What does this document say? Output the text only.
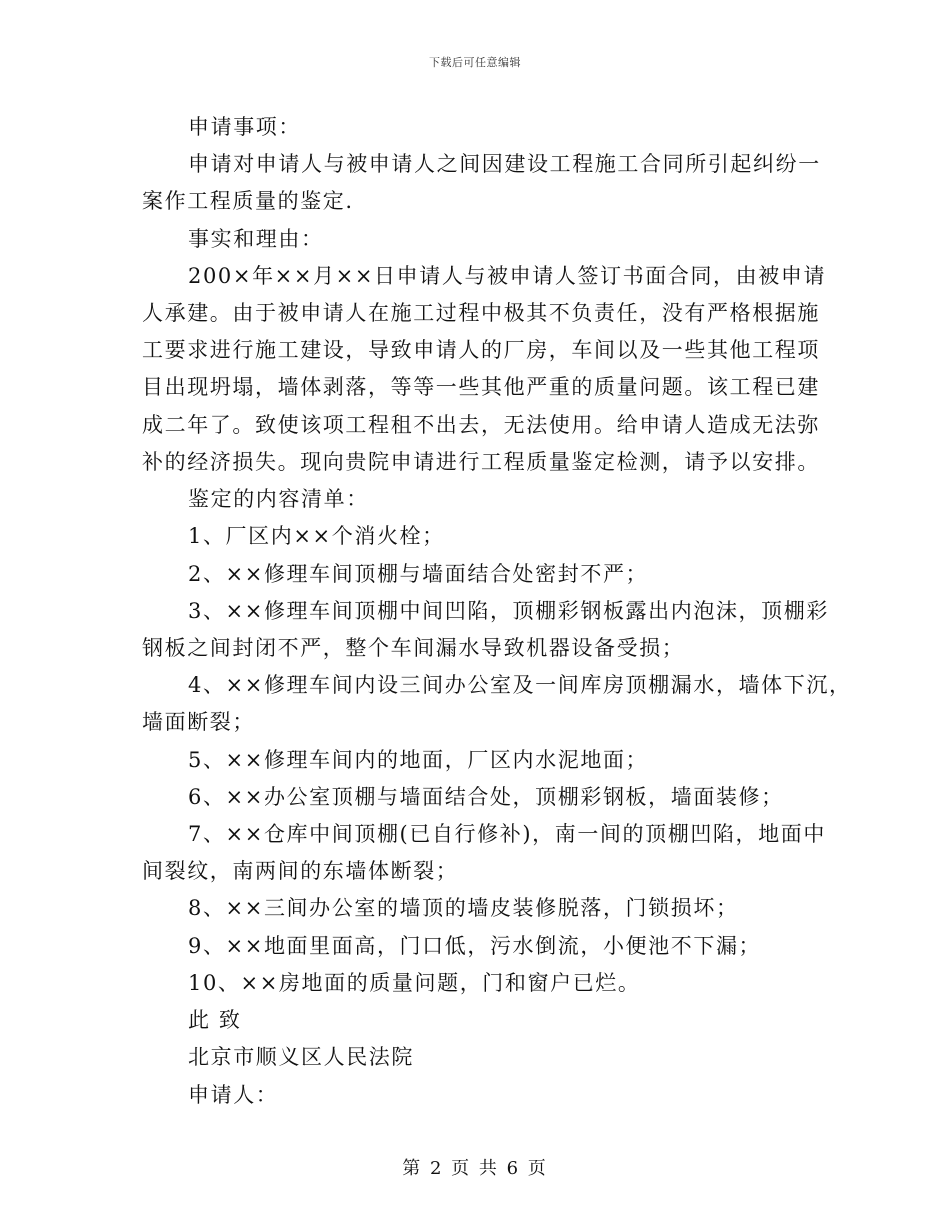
下载后可任意编辑
申请事项：
申请对申请人与被申请人之间因建设工程施工合同所引起纠纷一
案作工程质量的鉴定.
事实和理由：
200×年××月××日申请人与被申请人签订书面合同，由被申请
人承建。由于被申请人在施工过程中极其不负责任，没有严格根据施
工要求进行施工建设，导致申请人的厂房，车间以及一些其他工程项
目出现坍塌，墙体剥落，等等一些其他严重的质量问题。该工程已建
成二年了。致使该项工程租不出去，无法使用。给申请人造成无法弥
补的经济损失。现向贵院申请进行工程质量鉴定检测，请予以安排。
鉴定的内容清单：
1、厂区内××个消火栓；
2、××修理车间顶棚与墙面结合处密封不严；
3、××修理车间顶棚中间凹陷，顶棚彩钢板露出内泡沫，顶棚彩
钢板之间封闭不严，整个车间漏水导致机器设备受损；
4、××修理车间内设三间办公室及一间库房顶棚漏水，墙体下沉，
墙面断裂；
5、××修理车间内的地面，厂区内水泥地面；
6、××办公室顶棚与墙面结合处，顶棚彩钢板，墙面装修；
7、××仓库中间顶棚(已自行修补)，南一间的顶棚凹陷，地面中
间裂纹，南两间的东墙体断裂；
8、××三间办公室的墙顶的墙皮装修脱落，门锁损坏；
9、××地面里面高，门口低，污水倒流，小便池不下漏；
10、××房地面的质量问题，门和窗户已烂。
此 致
北京市顺义区人民法院
申请人：
第 2 页 共 6 页
